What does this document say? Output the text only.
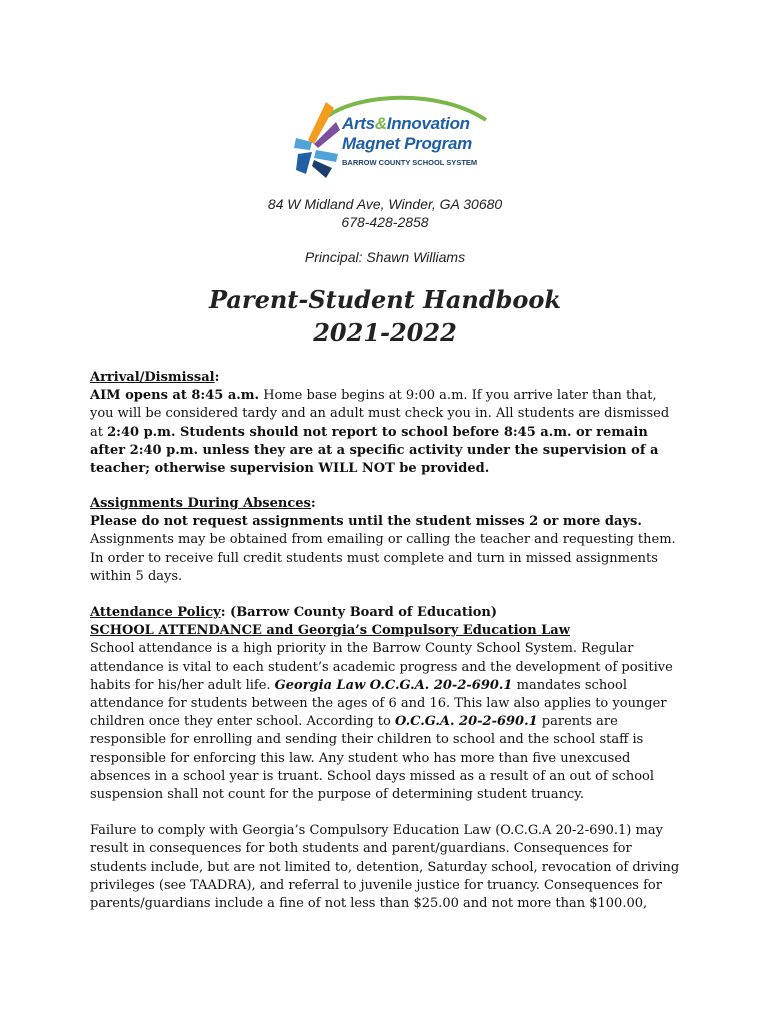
Arts&Innovation
Magnet Program
BARROW COUNTY SCHOOL SYSTEM
84 W Midland Ave, Winder, GA 30680
678-428-2858
Principal: Shawn Williams
Parent-Student Handbook
2021-2022

Arrival/Dismissal:

AIM opens at 8:45 a.m. Home base begins at 9:00 a.m. If you arrive later than that, you will be considered tardy and an adult must check you in. All students are dismissed at 2:40 p.m. Students should not report to school before 8:45 a.m. or remain after 2:40 p.m. unless they are at a specific activity under the supervision of a teacher; otherwise supervision WILL NOT be provided.

Assignments During Absences:

Please do not request assignments until the student misses 2 or more days. Assignments may be obtained from emailing or calling the teacher and requesting them. In order to receive full credit students must complete and turn in missed assignments within 5 days.

Attendance Policy: (Barrow County Board of Education)

SCHOOL ATTENDANCE and Georgia’s Compulsory Education Law

School attendance is a high priority in the Barrow County School System. Regular attendance is vital to each student’s academic progress and the development of positive habits for his/her adult life. Georgia Law O.C.G.A. 20-2-690.1 mandates school attendance for students between the ages of 6 and 16. This law also applies to younger children once they enter school. According to O.C.G.A. 20-2-690.1 parents are responsible for enrolling and sending their children to school and the school staff is responsible for enforcing this law. Any student who has more than five unexcused absences in a school year is truant. School days missed as a result of an out of school suspension shall not count for the purpose of determining student truancy.

Failure to comply with Georgia’s Compulsory Education Law (O.C.G.A 20-2-690.1) may result in consequences for both students and parent/guardians. Consequences for students include, but are not limited to, detention, Saturday school, revocation of driving privileges (see TAADRA), and referral to juvenile justice for truancy. Consequences for parents/guardians include a fine of not less than $25.00 and not more than $100.00,
